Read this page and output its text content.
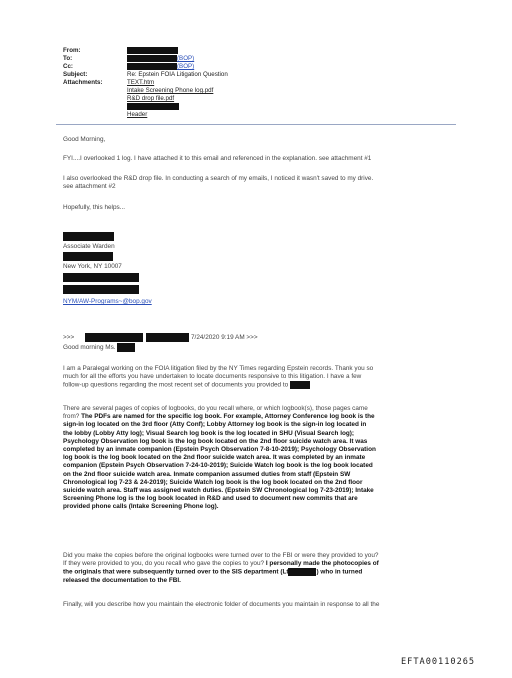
From:
To:	(BOP)
Cc:	(BOP)
Subject:	Re: Epstein FOIA Litigation Question
Attachments:	TEXT.htm
Intake Screening Phone log.pdf
R&D drop file.pdf
Header
Good Morning,
FYI....I overlooked 1 log. I have attached it to this email and referenced in the explanation. see attachment #1
I also overlooked the R&D drop file. In conducting a search of my emails, I noticed it wasn't saved to my drive.
see attachment #2
Hopefully, this helps...
Associate Warden
New York, NY 10007
NYM/AW-Programs~@bop.gov
>>>	7/24/2020 9:19 AM >>>
Good morning Ms.
I am a Paralegal working on the FOIA litigation filed by the NY Times regarding Epstein records. Thank you so
much for all the efforts you have undertaken to locate documents responsive to this litigation. I have a few
follow-up questions regarding the most recent set of documents you provided to
There are several pages of copies of logbooks, do you recall where, or which logbook(s), those pages came
from? The PDFs are named for the specific log book. For example, Attorney Conference log book is the
sign-in log located on the 3rd floor (Atty Conf); Lobby Attorney log book is the sign-in log located in
the lobby (Lobby Atty log); Visual Search log book is the log located in SHU (Visual Search log);
Psychology Observation log book is the log book located on the 2nd floor suicide watch area. It was
completed by an inmate companion (Epstein Psych Observation 7-8-10-2019); Psychology Observation
log book is the log book located on the 2nd floor suicide watch area. It was completed by an inmate
companion (Epstein Psych Observation 7-24-10-2019); Suicide Watch log book is the log book located
on the 2nd floor suicide watch area. Inmate companion assumed duties from staff (Epstein SW
Chronological log 7-23 & 24-2019); Suicide Watch log book is the log book located on the 2nd floor
suicide watch area. Staff was assigned watch duties. (Epstein SW Chronological log 7-23-2019); Intake
Screening Phone log is the log book located in R&D and used to document new commits that are
provided phone calls (Intake Screening Phone log).
Did you make the copies before the original logbooks were turned over to the FBI or were they provided to you?
If they were provided to you, do you recall who gave the copies to you? I personally made the photocopies of
the originals that were subsequently turned over to the SIS department (Lt	) who in turned
released the documentation to the FBI.
Finally, will you describe how you maintain the electronic folder of documents you maintain in response to all the
EFTA00110265
